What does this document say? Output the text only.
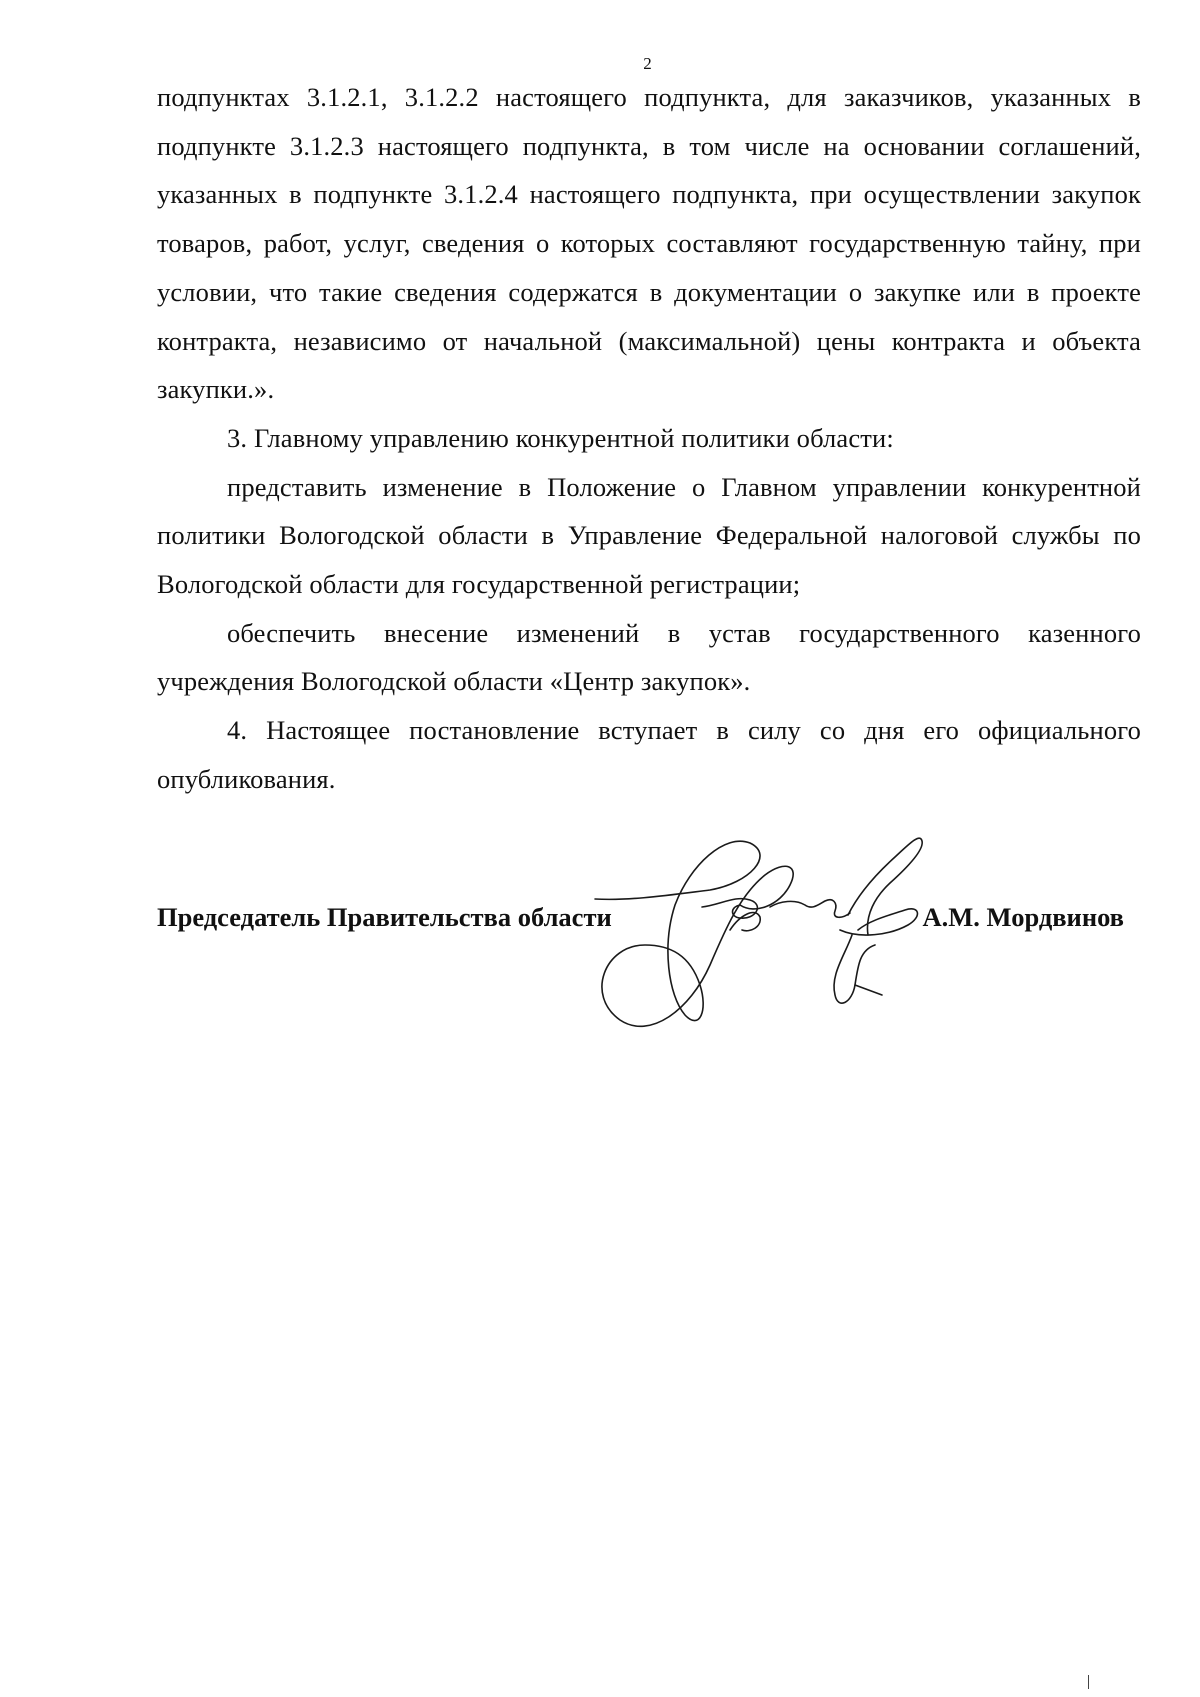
2

подпунктах 3.1.2.1, 3.1.2.2 настоящего подпункта, для заказчиков, указанных в подпункте 3.1.2.3 настоящего подпункта, в том числе на основании соглашений, указанных в подпункте 3.1.2.4 настоящего подпункта, при осуществлении закупок товаров, работ, услуг, сведения о которых составляют государственную тайну, при условии, что такие сведения содержатся в документации о закупке или в проекте контракта, независимо от начальной (максимальной) цены контракта и объекта закупки.».

3. Главному управлению конкурентной политики области:

представить изменение в Положение о Главном управлении конкурентной политики Вологодской области в Управление Федеральной налоговой службы по Вологодской области для государственной регистрации;

обеспечить внесение изменений в устав государственного казенного учреждения Вологодской области «Центр закупок».

4. Настоящее постановление вступает в силу со дня его официального опубликования.

Председатель Правительства области	А.М. Мордвинов
